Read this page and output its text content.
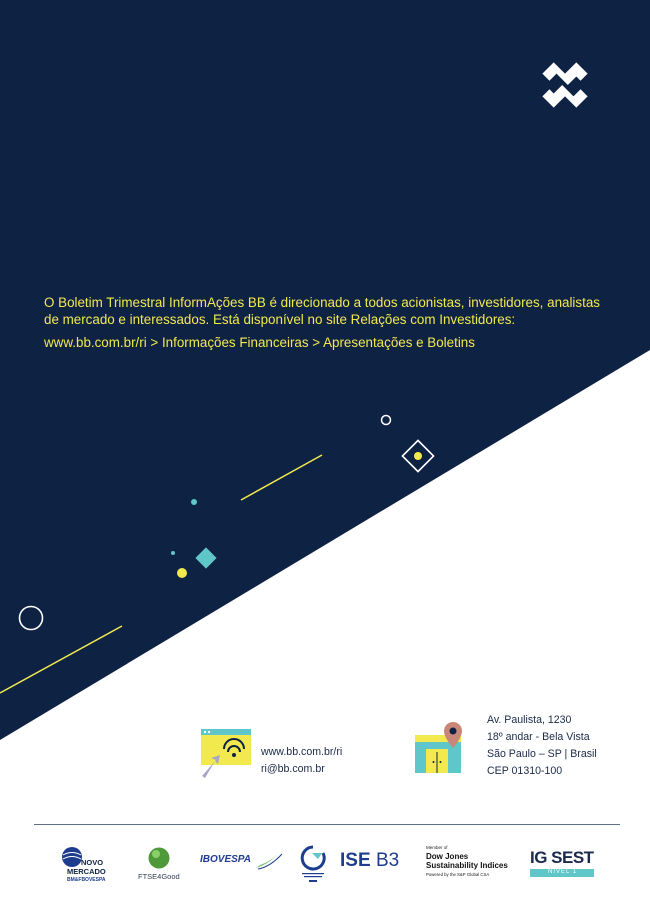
O Boletim Trimestral InformAções BB é direcionado a todos acionistas, investidores, analistas de mercado e interessados. Está disponível no site Relações com Investidores:

www.bb.com.br/ri > Informações Financeiras > Apresentações e Boletins
www.bb.com.br/ri
ri@bb.com.br
Av. Paulista, 1230
18º andar - Bela Vista
São Paulo – SP | Brasil
CEP 01310-100
NOVO
MERCADO
BM&FBOVESPA	FTSE4Good
IBOVESPA	ISE B3
Member of
Dow Jones
Sustainability Indices
Powered by the S&P Global CSA
IG SEST
NÍVEL 1
